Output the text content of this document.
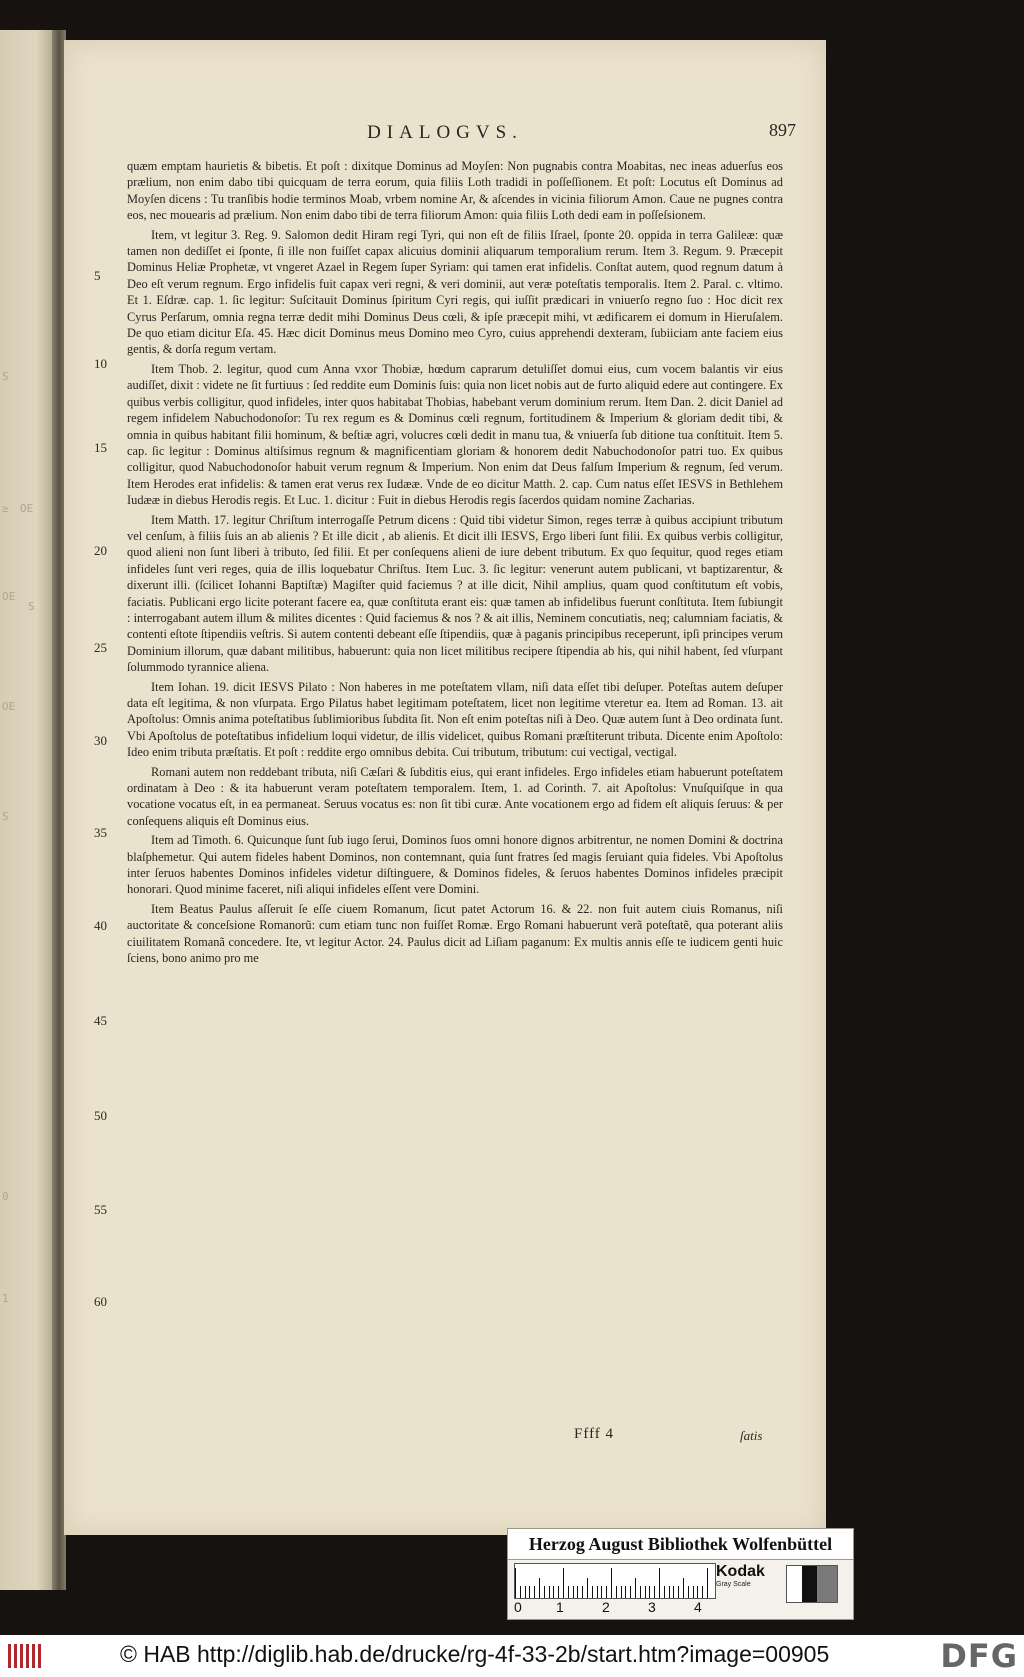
S
≥ OE
OE
S
OE
S
0
1
DIALOGVS.	897
5
10
15
20
25
30
35
40
45
50
55
60

quæm emptam haurietis & bibetis. Et poſt : dixitque Dominus ad Moyſen: Non pugnabis contra Moabitas, nec ineas aduerſus eos prælium, non enim dabo tibi quicquam de terra eorum, quia filiis Loth tradidi in poſſeſſionem. Et poſt: Locutus eſt Dominus ad Moyſen dicens : Tu tranſibis hodie terminos Moab, vrbem nomine Ar, & aſcendes in vicinia filiorum Amon. Caue ne pugnes contra eos, nec mouearis ad prælium. Non enim dabo tibi de terra filiorum Amon: quia filiis Loth dedi eam in poſſeſsionem.

Item, vt legitur 3. Reg. 9. Salomon dedit Hiram regi Tyri, qui non eſt de filiis Iſrael, ſponte 20. oppida in terra Galileæ: quæ tamen non dediſſet ei ſponte, ſi ille non fuiſſet capax alicuius dominii aliquarum temporalium rerum. Item 3. Regum. 9. Præcepit Dominus Heliæ Prophetæ, vt vngeret Azael in Regem ſuper Syriam: qui tamen erat infidelis. Conſtat autem, quod regnum datum à Deo eſt verum regnum. Ergo infidelis fuit capax veri regni, & veri dominii, aut veræ poteſtatis temporalis. Item 2. Paral. c. vltimo. Et 1. Eſdræ. cap. 1. ſic legitur: Suſcitauit Dominus ſpiritum Cyri regis, qui iuſſit prædicari in vniuerſo regno ſuo : Hoc dicit rex Cyrus Perſarum, omnia regna terræ dedit mihi Dominus Deus cœli, & ipſe præcepit mihi, vt ædificarem ei domum in Hieruſalem. De quo etiam dicitur Eſa. 45. Hæc dicit Dominus meus Domino meo Cyro, cuius apprehendi dexteram, ſubiiciam ante faciem eius gentis, & dorſa regum vertam.

Item Thob. 2. legitur, quod cum Anna vxor Thobiæ, hœdum caprarum detuliſſet domui eius, cum vocem balantis vir eius audiſſet, dixit : videte ne ſit furtiuus : ſed reddite eum Dominis ſuis: quia non licet nobis aut de furto aliquid edere aut contingere. Ex quibus verbis colligitur, quod infideles, inter quos habitabat Thobias, habebant verum dominium rerum. Item Dan. 2. dicit Daniel ad regem infidelem Nabuchodonoſor: Tu rex regum es & Dominus cœli regnum, fortitudinem & Imperium & gloriam dedit tibi, & omnia in quibus habitant filii hominum, & beſtiæ agri, volucres cœli dedit in manu tua, & vniuerſa ſub ditione tua conſtituit. Item 5. cap. ſic legitur : Dominus altiſsimus regnum & magnificentiam gloriam & honorem dedit Nabuchodonoſor patri tuo. Ex quibus colligitur, quod Nabuchodonoſor habuit verum regnum & Imperium. Non enim dat Deus falſum Imperium & regnum, ſed verum. Item Herodes erat infidelis: & tamen erat verus rex Iudææ. Vnde de eo dicitur Matth. 2. cap. Cum natus eſſet IESVS in Bethlehem Iudææ in diebus Herodis regis. Et Luc. 1. dicitur : Fuit in diebus Herodis regis ſacerdos quidam nomine Zacharias.

Item Matth. 17. legitur Chriſtum interrogaſſe Petrum dicens : Quid tibi videtur Simon, reges terræ à quibus accipiunt tributum vel cenſum, à filiis ſuis an ab alienis ? Et ille dicit , ab alienis. Et dicit illi IESVS, Ergo liberi ſunt filii. Ex quibus verbis colligitur, quod alieni non ſunt liberi à tributo, ſed filii. Et per conſequens alieni de iure debent tributum. Ex quo ſequitur, quod reges etiam infideles ſunt veri reges, quia de illis loquebatur Chriſtus. Item Luc. 3. ſic legitur: venerunt autem publicani, vt baptizarentur, & dixerunt illi. (ſcilicet Iohanni Baptiſtæ) Magiſter quid faciemus ? at ille dicit, Nihil amplius, quam quod conſtitutum eſt vobis, faciatis. Publicani ergo licite poterant facere ea, quæ conſtituta erant eis: quæ tamen ab infidelibus fuerunt conſtituta. Item ſubiungit : interrogabant autem illum & milites dicentes : Quid faciemus & nos ? & ait illis, Neminem concutiatis, neq; calumniam faciatis, & contenti eſtote ſtipendiis veſtris. Si autem contenti debeant eſſe ſtipendiis, quæ à paganis principibus receperunt, ipſi principes verum Dominium illorum, quæ dabant militibus, habuerunt: quia non licet militibus recipere ſtipendia ab his, qui nihil habent, ſed vſurpant ſolummodo tyrannice aliena.

Item Iohan. 19. dicit IESVS Pilato : Non haberes in me poteſtatem vllam, niſi data eſſet tibi deſuper. Poteſtas autem deſuper data eſt legitima, & non vſurpata. Ergo Pilatus habet legitimam poteſtatem, licet non legitime vteretur ea. Item ad Roman. 13. ait Apoſtolus: Omnis anima poteſtatibus ſublimioribus ſubdita ſit. Non eſt enim poteſtas niſi à Deo. Quæ autem ſunt à Deo ordinata ſunt. Vbi Apoſtolus de poteſtatibus infidelium loqui videtur, de illis videlicet, quibus Romani præſtiterunt tributa. Dicente enim Apoſtolo: Ideo enim tributa præſtatis. Et poſt : reddite ergo omnibus debita. Cui tributum, tributum: cui vectigal, vectigal.

Romani autem non reddebant tributa, niſi Cæſari & ſubditis eius, qui erant infideles. Ergo infideles etiam habuerunt poteſtatem ordinatam à Deo : & ita habuerunt veram poteſtatem temporalem. Item, 1. ad Corinth. 7. ait Apoſtolus: Vnuſquiſque in qua vocatione vocatus eſt, in ea permaneat. Seruus vocatus es: non ſit tibi curæ. Ante vocationem ergo ad fidem eſt aliquis ſeruus: & per conſequens aliquis eſt Dominus eius.

Item ad Timoth. 6. Quicunque ſunt ſub iugo ſerui, Dominos ſuos omni honore dignos arbitrentur, ne nomen Domini & doctrina blaſphemetur. Qui autem fideles habent Dominos, non contemnant, quia ſunt fratres ſed magis ſeruiant quia fideles. Vbi Apoſtolus inter ſeruos habentes Dominos infideles videtur diſtinguere, & Dominos fideles, & ſeruos habentes Dominos infideles præcipit honorari. Quod minime faceret, niſi aliqui infideles eſſent vere Domini.

Item Beatus Paulus aſſeruit ſe eſſe ciuem Romanum, ſicut patet Actorum 16. & 22. non fuit autem ciuis Romanus, niſi auctoritate & conceſsione Romanorũ: cum etiam tunc non fuiſſet Romæ. Ergo Romani habuerunt verã poteſtatẽ, qua poterant aliis ciuilitatem Romanã concedere. Ite, vt legitur Actor. 24. Paulus dicit ad Liſiam paganum: Ex multis annis eſſe te iudicem genti huic ſciens, bono animo pro me

Ffff 4	ſatis
Herzog August Bibliothek Wolfenbüttel
0 1	2	3	4
Kodak
Gray Scale
© HAB http://diglib.hab.de/drucke/rg-4f-33-2b/start.htm?image=00905	DFG
